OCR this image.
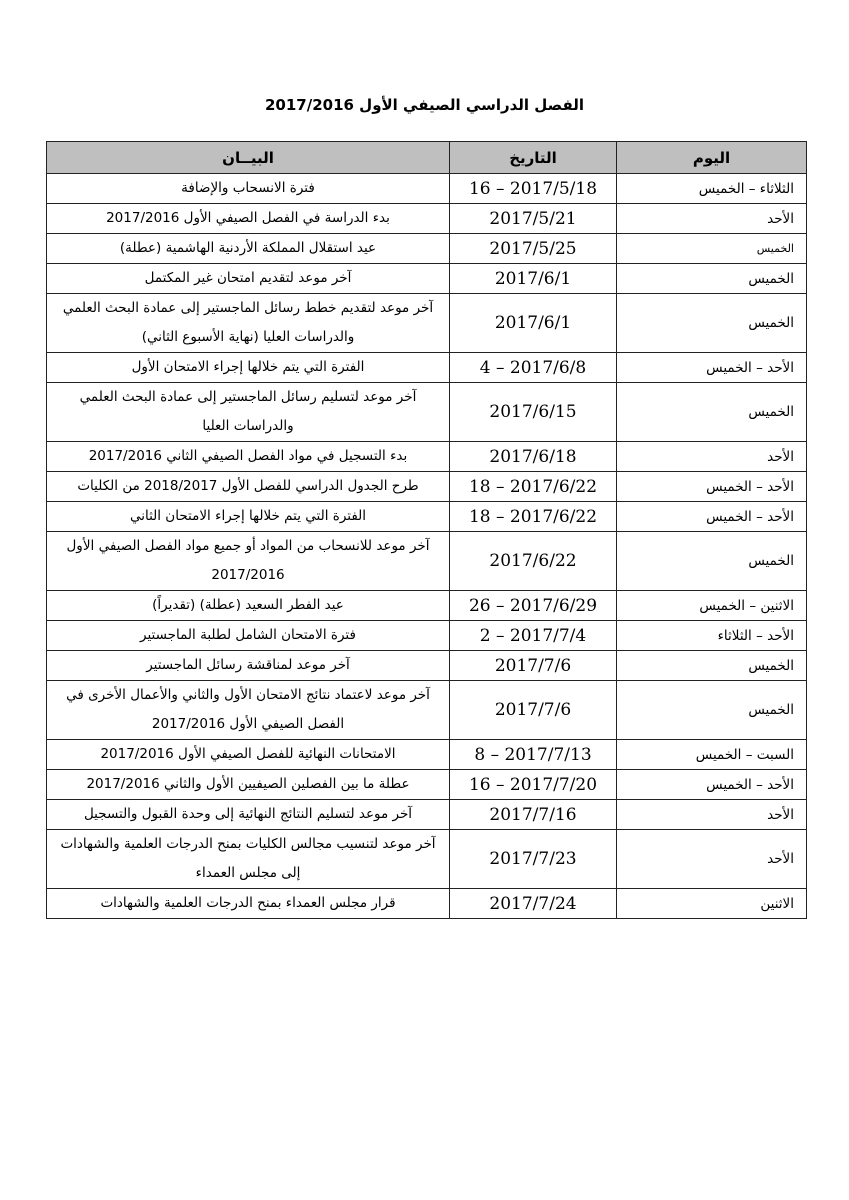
الفصل الدراسي الصيفي الأول 2017/2016
اليوم	التاريخ	البيــان
الثلاثاء – الخميس	16 – 2017/5/18	فترة الانسحاب والإضافة
الأحد	2017/5/21	بدء الدراسة في الفصل الصيفي الأول 2017/2016
الخميس	2017/5/25	عيد استقلال المملكة الأردنية الهاشمية (عطلة)
الخميس	2017/6/1	آخر موعد لتقديم امتحان غير المكتمل
الخميس	2017/6/1	آخر موعد لتقديم خطط رسائل الماجستير إلى عمادة البحث العلمي والدراسات العليا (نهاية الأسبوع الثاني)
الأحد – الخميس	4 – 2017/6/8	الفترة التي يتم خلالها إجراء الامتحان الأول
الخميس	2017/6/15	آخر موعد لتسليم رسائل الماجستير إلى عمادة البحث العلمي والدراسات العليا
الأحد	2017/6/18	بدء التسجيل في مواد الفصل الصيفي الثاني 2017/2016
الأحد – الخميس	18 – 2017/6/22	طرح الجدول الدراسي للفصل الأول 2018/2017 من الكليات
الأحد – الخميس	18 – 2017/6/22	الفترة التي يتم خلالها إجراء الامتحان الثاني
الخميس	2017/6/22	آخر موعد للانسحاب من المواد أو جميع مواد الفصل الصيفي الأول 2017/2016
الاثنين – الخميس	26 – 2017/6/29	عيد الفطر السعيد (عطلة) (تقديراً)
الأحد – الثلاثاء	2 – 2017/7/4	فترة الامتحان الشامل لطلبة الماجستير
الخميس	2017/7/6	آخر موعد لمناقشة رسائل الماجستير
الخميس	2017/7/6	آخر موعد لاعتماد نتائج الامتحان الأول والثاني والأعمال الأخرى في الفصل الصيفي الأول 2017/2016
السبت – الخميس	8 – 2017/7/13	الامتحانات النهائية للفصل الصيفي الأول 2017/2016
الأحد – الخميس	16 – 2017/7/20	عطلة ما بين الفصلين الصيفيين الأول والثاني 2017/2016
الأحد	2017/7/16	آخر موعد لتسليم النتائج النهائية إلى وحدة القبول والتسجيل
الأحد	2017/7/23	آخر موعد لتنسيب مجالس الكليات بمنح الدرجات العلمية والشهادات إلى مجلس العمداء
الاثنين	2017/7/24	قرار مجلس العمداء بمنح الدرجات العلمية والشهادات
